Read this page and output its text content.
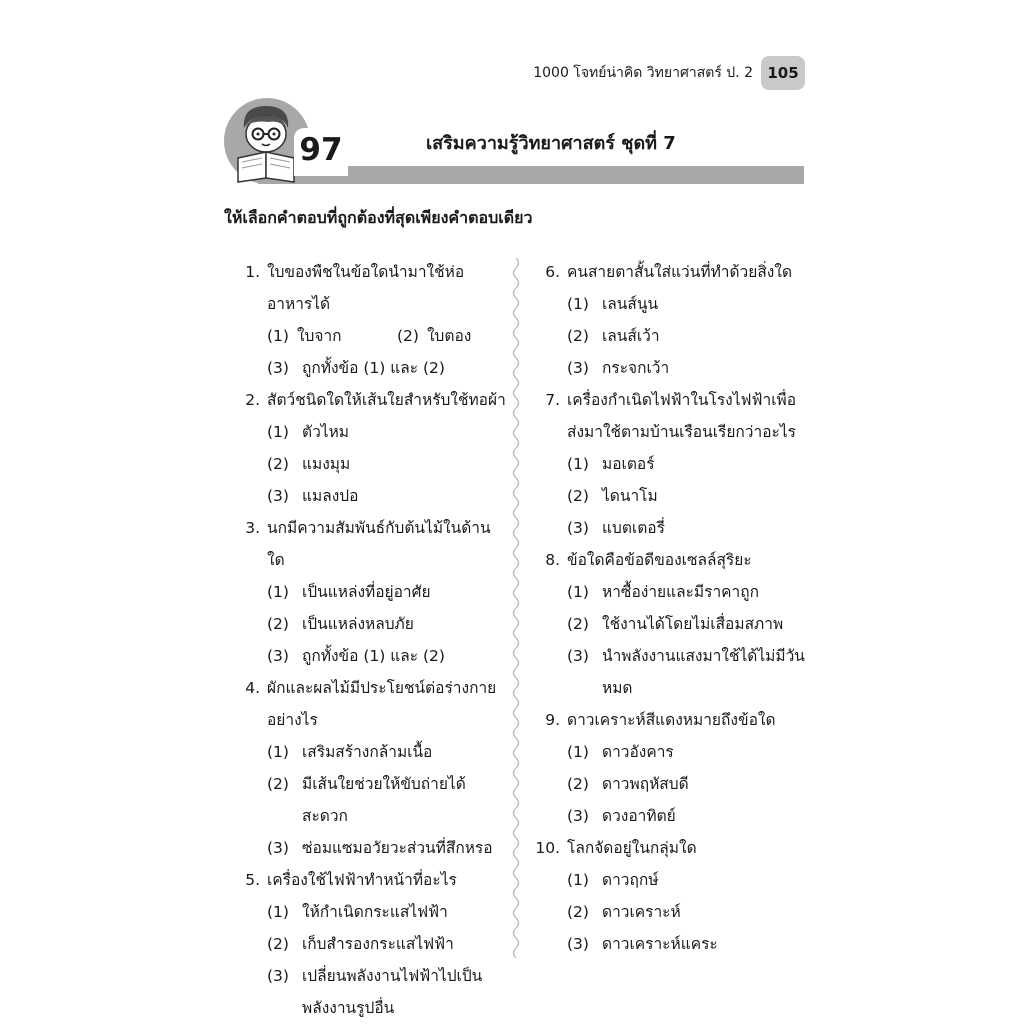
1000 โจทย์น่าคิด วิทยาศาสตร์ ป. 2 105
97	เสริมความรู้วิทยาศาสตร์ ชุดที่ 7
ให้เลือกคำตอบที่ถูกต้องที่สุดเพียงคำตอบเดียว
1. ใบของพืชในข้อใดนำมาใช้ห่ออาหารได้
(1) ใบจาก	(2) ใบตอง
(3) ถูกทั้งข้อ (1) และ (2)
2. สัตว์ชนิดใดให้เส้นใยสำหรับใช้ทอผ้า
(1) ตัวไหม
(2) แมงมุม
(3) แมลงปอ
3. นกมีความสัมพันธ์กับต้นไม้ในด้านใด
(1) เป็นแหล่งที่อยู่อาศัย
(2) เป็นแหล่งหลบภัย
(3) ถูกทั้งข้อ (1) และ (2)
4. ผักและผลไม้มีประโยชน์ต่อร่างกายอย่างไร
(1) เสริมสร้างกล้ามเนื้อ
(2) มีเส้นใยช่วยให้ขับถ่ายได้สะดวก
(3) ซ่อมแซมอวัยวะส่วนที่สึกหรอ
5. เครื่องใช้ไฟฟ้าทำหน้าที่อะไร
(1) ให้กำเนิดกระแสไฟฟ้า
(2) เก็บสำรองกระแสไฟฟ้า
(3) เปลี่ยนพลังงานไฟฟ้าไปเป็นพลังงานรูปอื่น
6. คนสายตาสั้นใส่แว่นที่ทำด้วยสิ่งใด
(1) เลนส์นูน
(2) เลนส์เว้า
(3) กระจกเว้า
7. เครื่องกำเนิดไฟฟ้าในโรงไฟฟ้าเพื่อส่งมาใช้ตามบ้านเรือนเรียกว่าอะไร
(1) มอเตอร์
(2) ไดนาโม
(3) แบตเตอรี่
8. ข้อใดคือข้อดีของเซลล์สุริยะ
(1) หาซื้อง่ายและมีราคาถูก
(2) ใช้งานได้โดยไม่เสื่อมสภาพ
(3) นำพลังงานแสงมาใช้ได้ไม่มีวันหมด
9. ดาวเคราะห์สีแดงหมายถึงข้อใด
(1) ดาวอังคาร
(2) ดาวพฤหัสบดี
(3) ดวงอาทิตย์
10. โลกจัดอยู่ในกลุ่มใด
(1) ดาวฤกษ์
(2) ดาวเคราะห์
(3) ดาวเคราะห์แคระ
